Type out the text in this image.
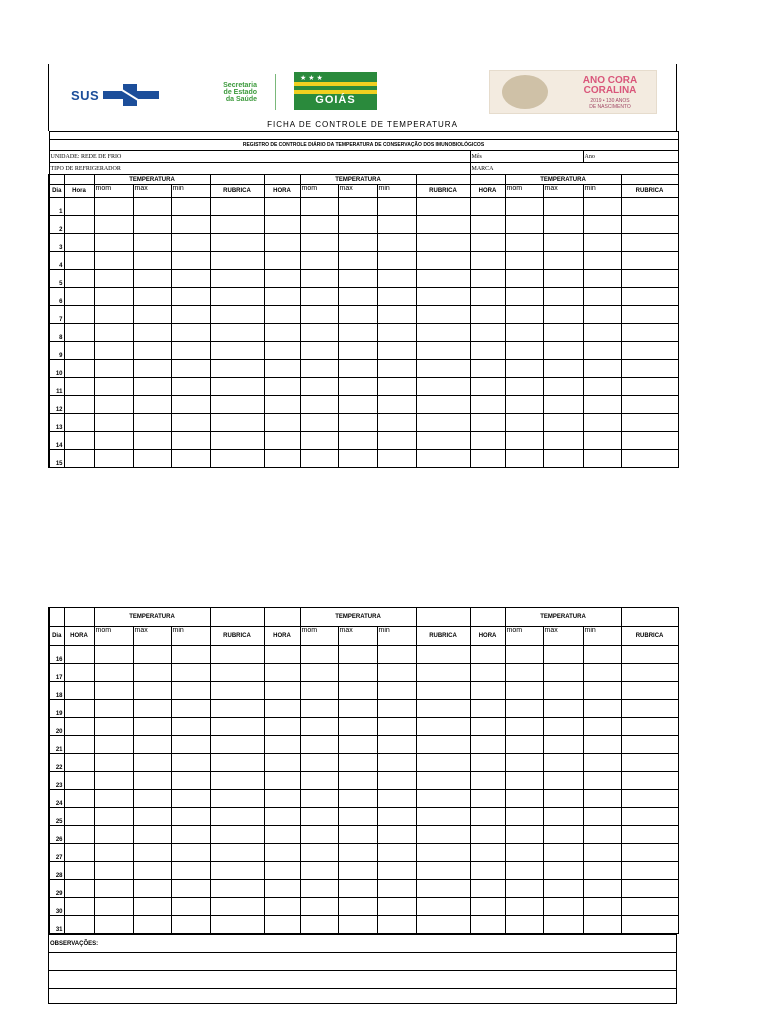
SUS
Secretaria
de Estado
da Saúde
★★★
GOIÁS
ANO CORA
CORALINA
2019 • 130 ANOS
DE NASCIMENTO
FICHA DE CONTROLE DE TEMPERATURA

REGISTRO DE CONTROLE DIÁRIO DA TEMPERATURA DE CONSERVAÇÃO DOS IMUNOBIOLÓGICOS															
UNIDADE: REDE DE FRIO											Mês			Ano	
TIPO DE REFRIGERADOR											MARCA				
		TEMPERATURA					TEMPERATURA					TEMPERATURA			
Dia	Hora	mom	max	min	RUBRICA	HORA	mom	max	min	RUBRICA	HORA	mom	max	min	RUBRICA
1															
2															
3															
4															
5															
6															
7															
8															
9															
10															
11															
12															
13															
14															
15															
		TEMPERATURA					TEMPERATURA					TEMPERATURA			
Dia	HORA	mom	max	min	RUBRICA	HORA	mom	max	min	RUBRICA	HORA	mom	max	min	RUBRICA
16															
17															
18															
19															
20															
21															
22															
23															
24															
25															
26															
27															
28															
29															
30															
31															
OBSERVAÇÕES:
